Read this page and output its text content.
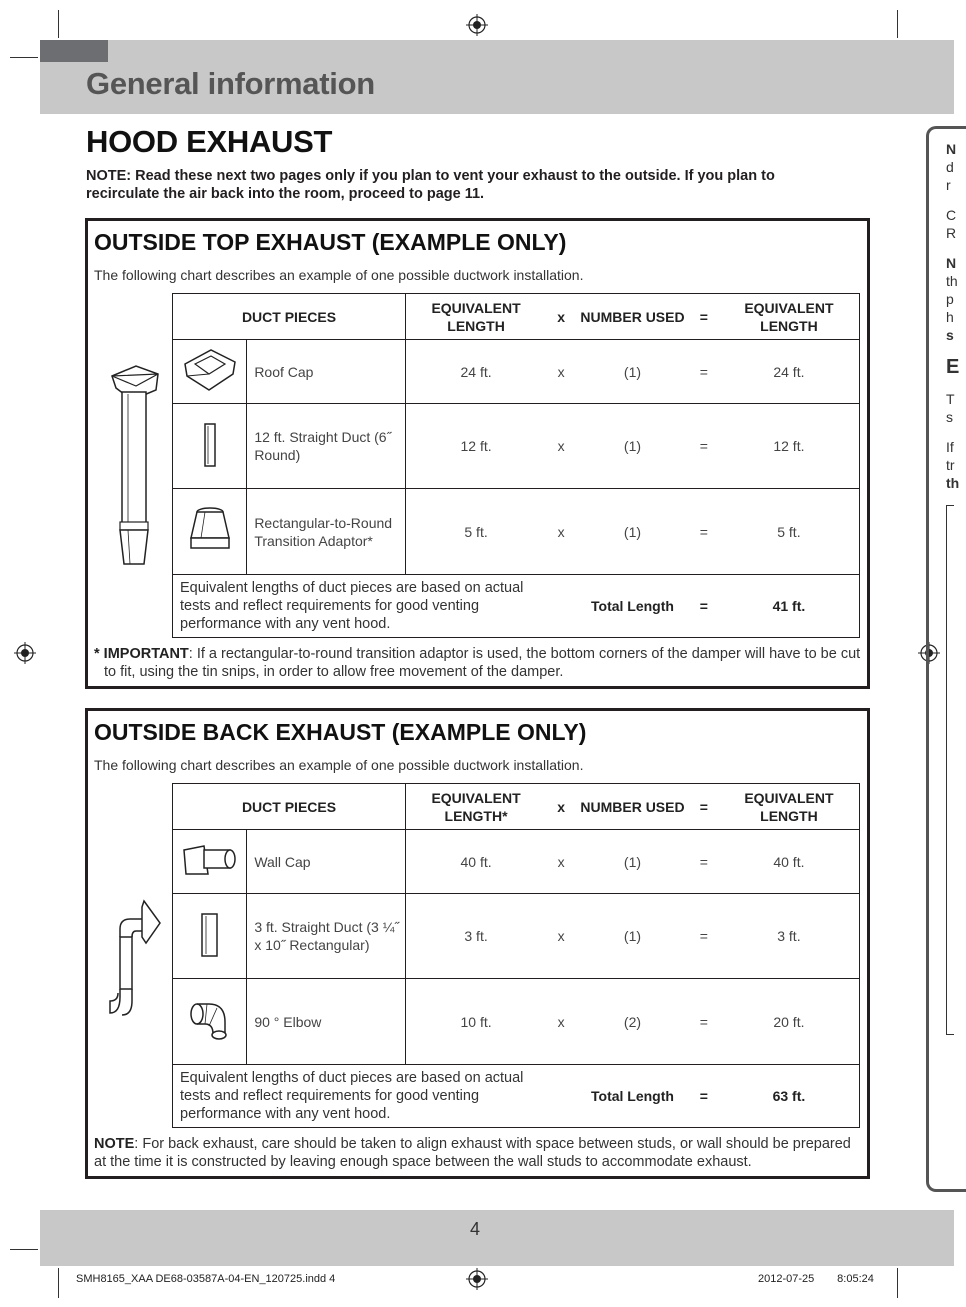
General information
HOOD EXHAUST
NOTE: Read these next two pages only if you plan to vent your exhaust to the outside. If you plan to recirculate the air back into the room, proceed to page 11.
N
d
r
C
R
N
th
p
h
s
E
T
s
If
tr
th
OUTSIDE TOP EXHAUST (EXAMPLE ONLY)
The following chart describes an example of one possible ductwork installation.
DUCT PIECES		EQUIVALENT LENGTH	x	NUMBER USED	=	EQUIVALENT LENGTH
	Roof Cap	24 ft.	x	(1)	=	24 ft.
	12 ft. Straight Duct (6˝ Round)	12 ft.	x	(1)	=	12 ft.
	Rectangular-to-Round Transition Adaptor*	5 ft.	x	(1)	=	5 ft.
Equivalent lengths of duct pieces are based on actual tests and reflect requirements for good venting performance with any vent hood.				Total Length	=	41 ft.
* IMPORTANT: If a rectangular-to-round transition adaptor is used, the bottom corners of the damper will have to be cut to fit, using the tin snips, in order to allow free movement of the damper.
OUTSIDE BACK EXHAUST (EXAMPLE ONLY)
The following chart describes an example of one possible ductwork installation.
DUCT PIECES		EQUIVALENT LENGTH*	x	NUMBER USED	=	EQUIVALENT LENGTH
	Wall Cap	40 ft.	x	(1)	=	40 ft.
	3 ft. Straight Duct (3 ¼˝ x 10˝ Rectangular)	3 ft.	x	(1)	=	3 ft.
	90 ° Elbow	10 ft.	x	(2)	=	20 ft.
Equivalent lengths of duct pieces are based on actual tests and reflect requirements for good venting performance with any vent hood.				Total Length	=	63 ft.
NOTE: For back exhaust, care should be taken to align exhaust with space between studs, or wall should be prepared at the time it is constructed by leaving enough space between the wall studs to accommodate exhaust.
4
SMH8165_XAA DE68-03587A-04-EN_120725.indd 4	2012-07-25 8:05:24
